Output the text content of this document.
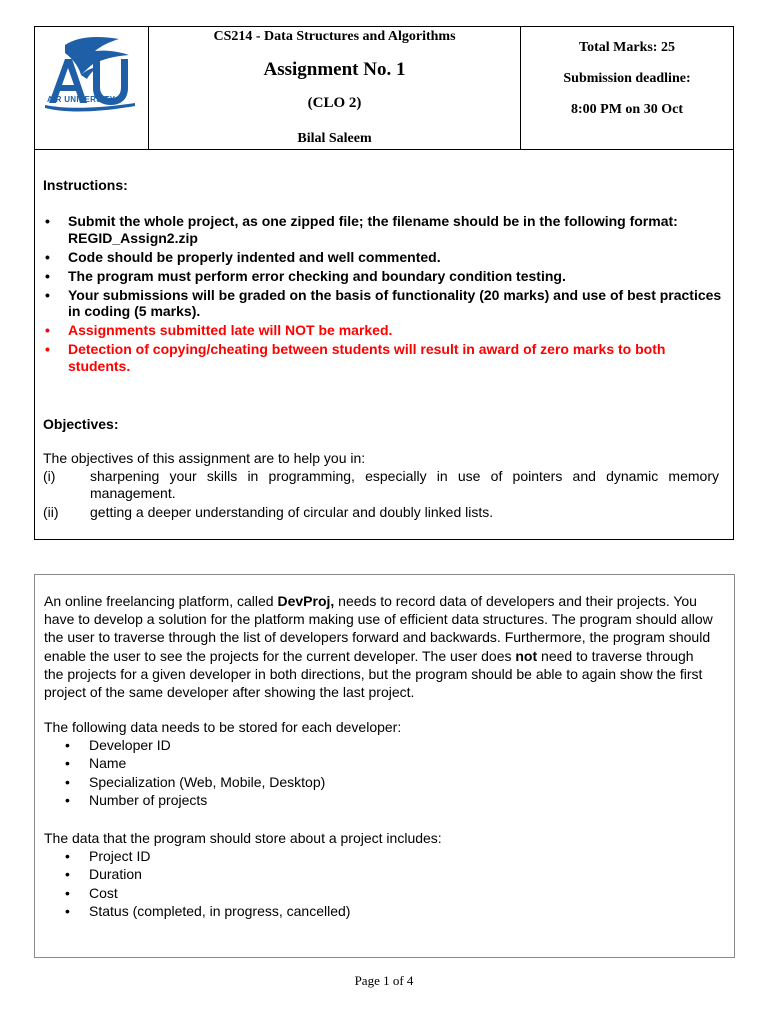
AIR UNIVERSITY
CS214 - Data Structures and Algorithms
Assignment No. 1
(CLO 2)
Bilal Saleem
Total Marks: 25
Submission deadline:
8:00 PM on 30 Oct
Instructions:
• Submit the whole project, as one zipped file; the filename should be in the following format: REGID_Assign2.zip
• Code should be properly indented and well commented.
• The program must perform error checking and boundary condition testing.
• Your submissions will be graded on the basis of functionality (20 marks) and use of best practices in coding (5 marks).
• Assignments submitted late will NOT be marked.
• Detection of copying/cheating between students will result in award of zero marks to both students.
Objectives:
The objectives of this assignment are to help you in:
(i) sharpening your skills in programming, especially in use of pointers and dynamic memory management.
(ii) getting a deeper understanding of circular and doubly linked lists.

An online freelancing platform, called DevProj, needs to record data of developers and their projects. You have to develop a solution for the platform making use of efficient data structures. The program should allow the user to traverse through the list of developers forward and backwards. Furthermore, the program should enable the user to see the projects for the current developer. The user does not need to traverse through the projects for a given developer in both directions, but the program should be able to again show the first project of the same developer after showing the last project.

The following data needs to be stored for each developer:

• Developer ID
• Name
• Specialization (Web, Mobile, Desktop)
• Number of projects

The data that the program should store about a project includes:

• Project ID
• Duration
• Cost
• Status (completed, in progress, cancelled)
Page 1 of 4
